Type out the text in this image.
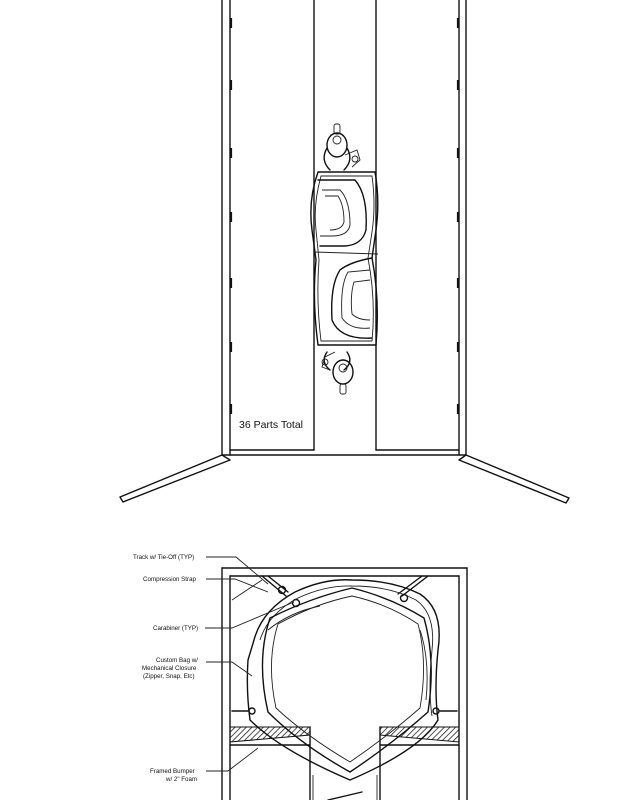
36 Parts Total
Track w/ Tie-Off (TYP)
Compression Strap
Carabiner (TYP)
Custom Bag w/
Mechanical Closure
(Zipper, Snap, Etc)
Framed Bumper
w/ 2" Foam
